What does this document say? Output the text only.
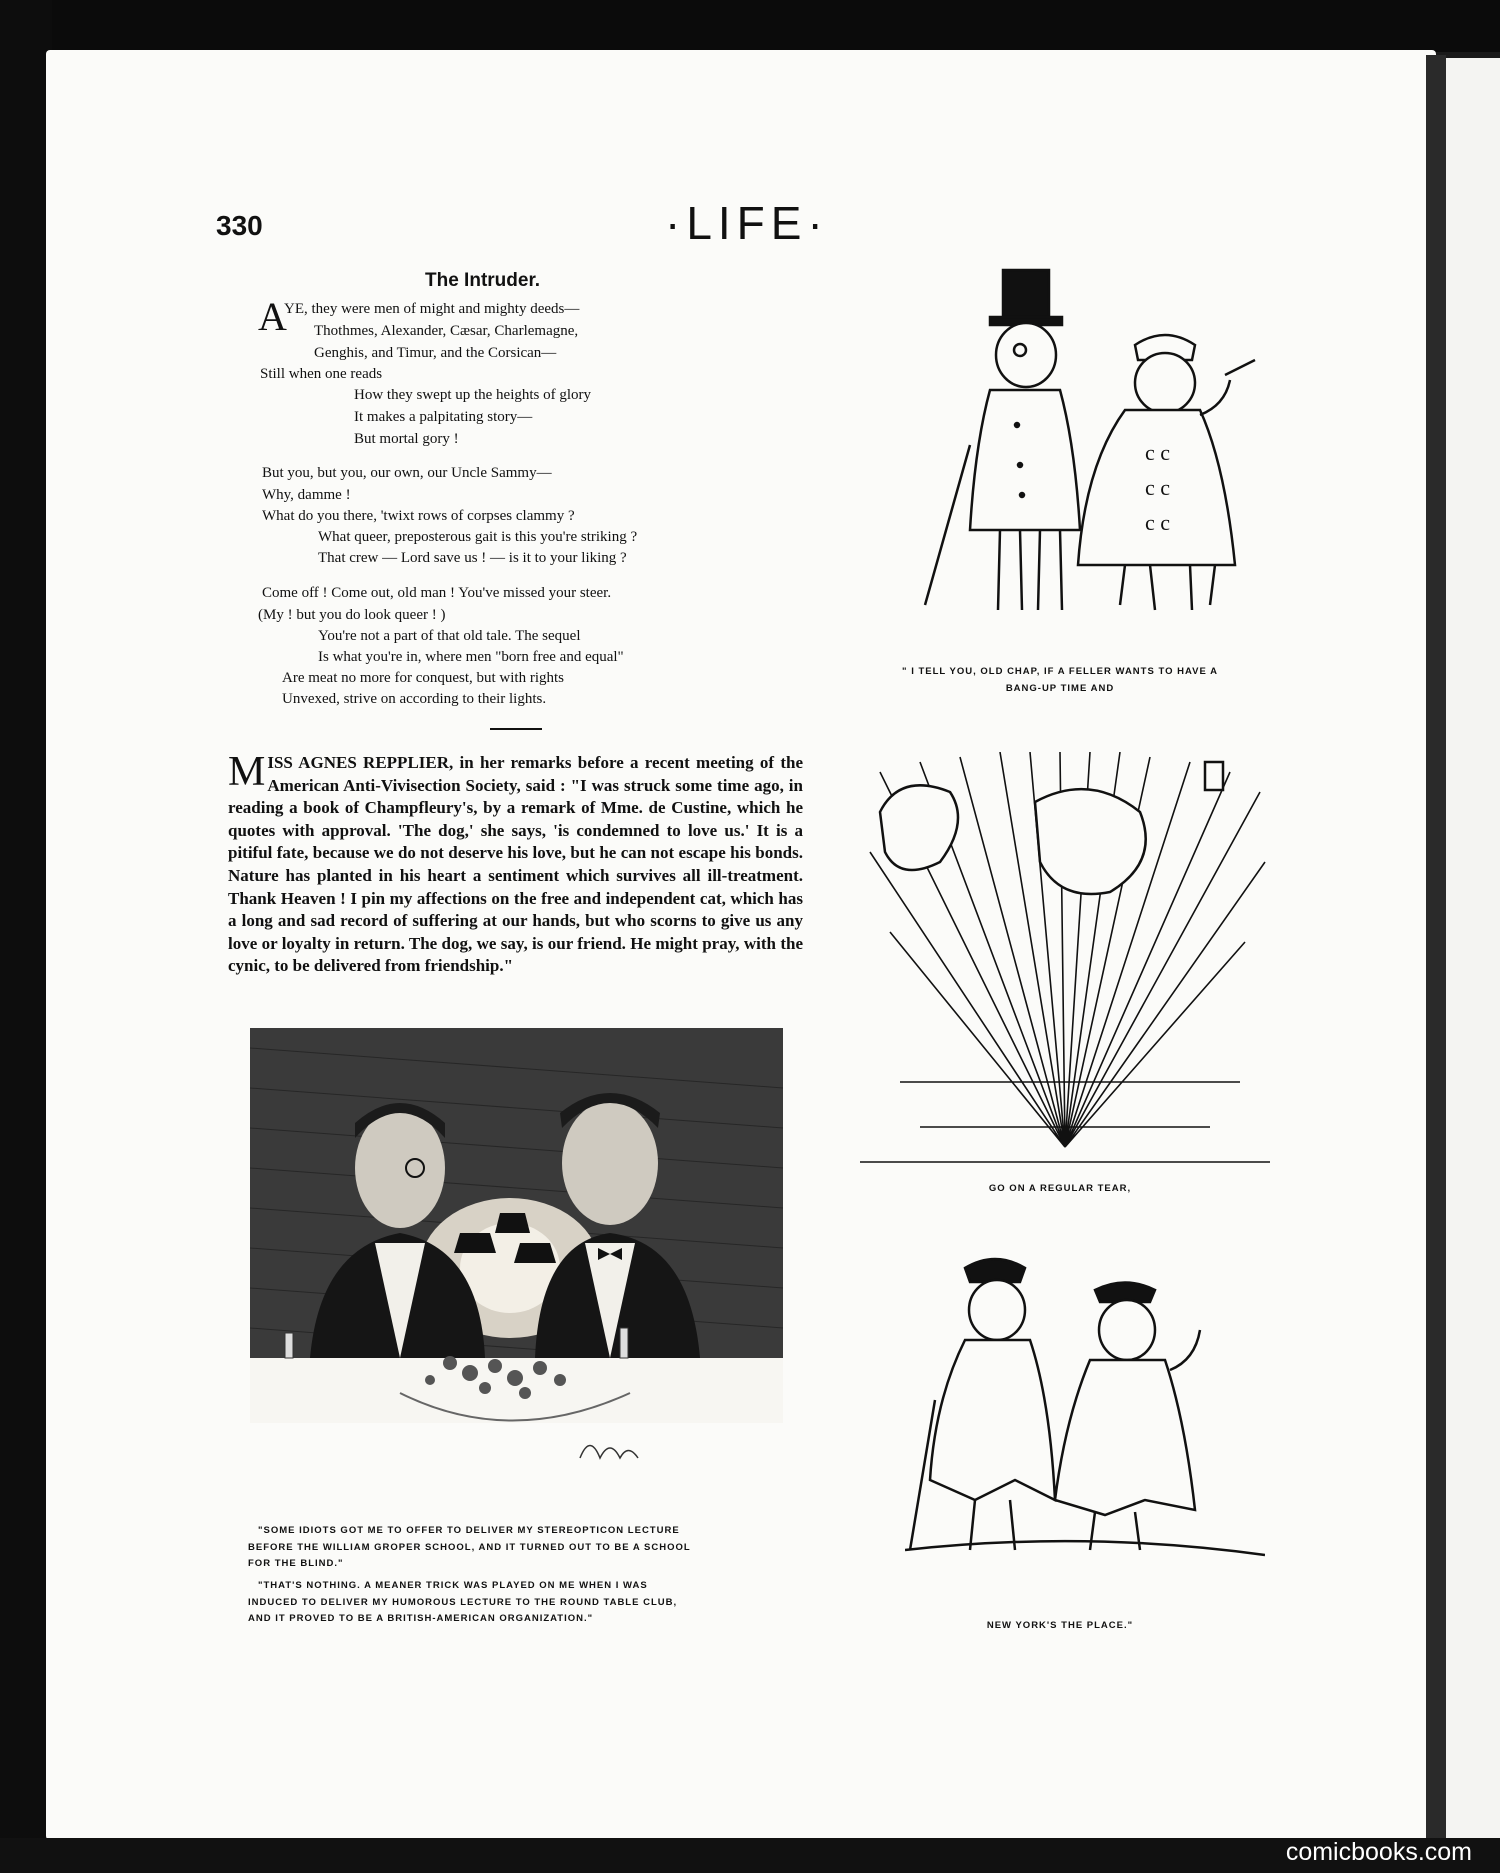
330	·LIFE·
The Intruder.
A
YE, they were men of might and mighty deeds—
Thothmes, Alexander, Cæsar, Charlemagne,
Genghis, and Timur, and the Corsican—
Still when one reads
How they swept up the heights of glory
It makes a palpitating story—
But mortal gory !
But you, but you, our own, our Uncle Sammy—
Why, damme !
What do you there, 'twixt rows of corpses clammy ?
What queer, preposterous gait is this you're striking ?
That crew — Lord save us ! — is it to your liking ?
Come off ! Come out, old man ! You've missed your steer.
(My ! but you do look queer ! )
You're not a part of that old tale. The sequel
Is what you're in, where men "born free and equal"
Are meat no more for conquest, but with rights
Unvexed, strive on according to their lights.
M ISS AGNES REPPLIER, in her remarks before a recent meeting of the American Anti-Vivisection Society, said : "I was struck some time ago, in reading a book of Champfleury's, by a remark of Mme. de Custine, which he quotes with approval. 'The dog,' she says, 'is condemned to love us.' It is a pitiful fate, because we do not deserve his love, but he can not escape his bonds. Nature has planted in his heart a sentiment which survives all ill-treatment. Thank Heaven ! I pin my affections on the free and independent cat, which has a long and sad record of suffering at our hands, but who scorns to give us any love or loyalty in return. The dog, we say, is our friend. He might pray, with the cynic, to be delivered from friendship."

"SOME IDIOTS GOT ME TO OFFER TO DELIVER MY STEREOPTICON LECTURE
BEFORE THE WILLIAM GROPER SCHOOL, AND IT TURNED OUT TO BE A SCHOOL
FOR THE BLIND."
"THAT'S NOTHING. A MEANER TRICK WAS PLAYED ON ME WHEN I WAS
INDUCED TO DELIVER MY HUMOROUS LECTURE TO THE ROUND TABLE CLUB,
AND IT PROVED TO BE A BRITISH-AMERICAN ORGANIZATION."
c c
c c
c c
" I TELL YOU, OLD CHAP, IF A FELLER WANTS TO HAVE A
BANG-UP TIME AND
GO ON A REGULAR TEAR,
NEW YORK'S THE PLACE."
comicbooks.com
